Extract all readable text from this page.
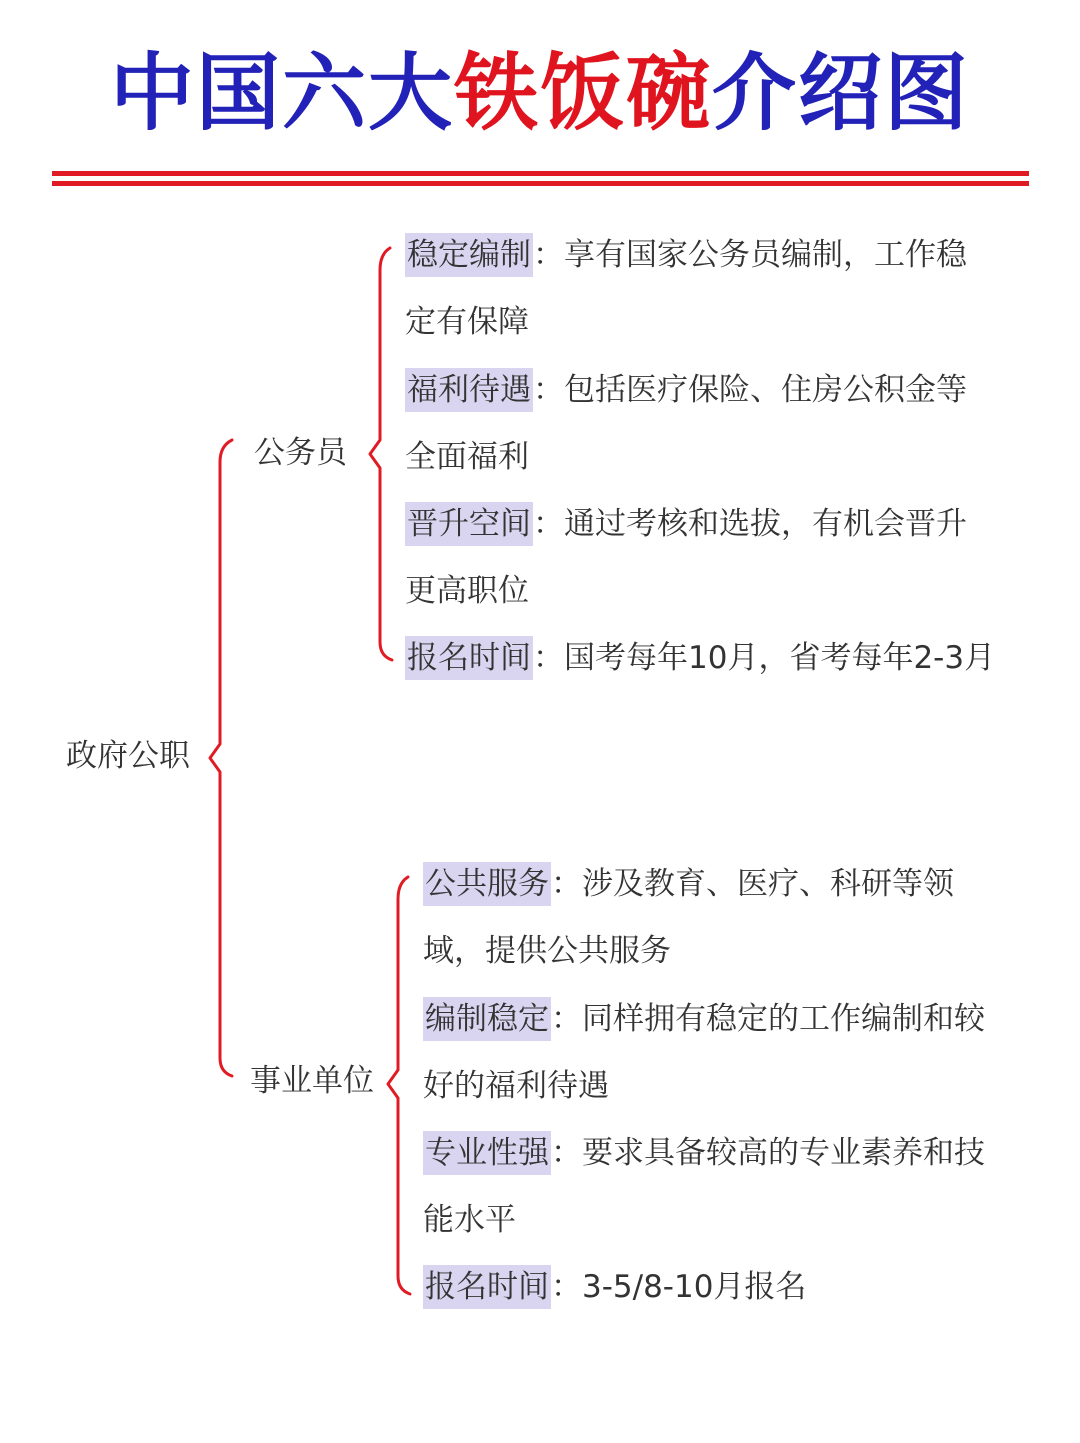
中国六大铁饭碗介绍图
政府公职
公务员
事业单位
稳定编制：享有国家公务员编制，工作稳定有保障
福利待遇：包括医疗保险、住房公积金等全面福利
晋升空间：通过考核和选拔，有机会晋升更高职位
报名时间：国考每年10月，省考每年2-3月
公共服务：涉及教育、医疗、科研等领域，提供公共服务
编制稳定：同样拥有稳定的工作编制和较好的福利待遇
专业性强：要求具备较高的专业素养和技能水平
报名时间：3-5/8-10月报名
